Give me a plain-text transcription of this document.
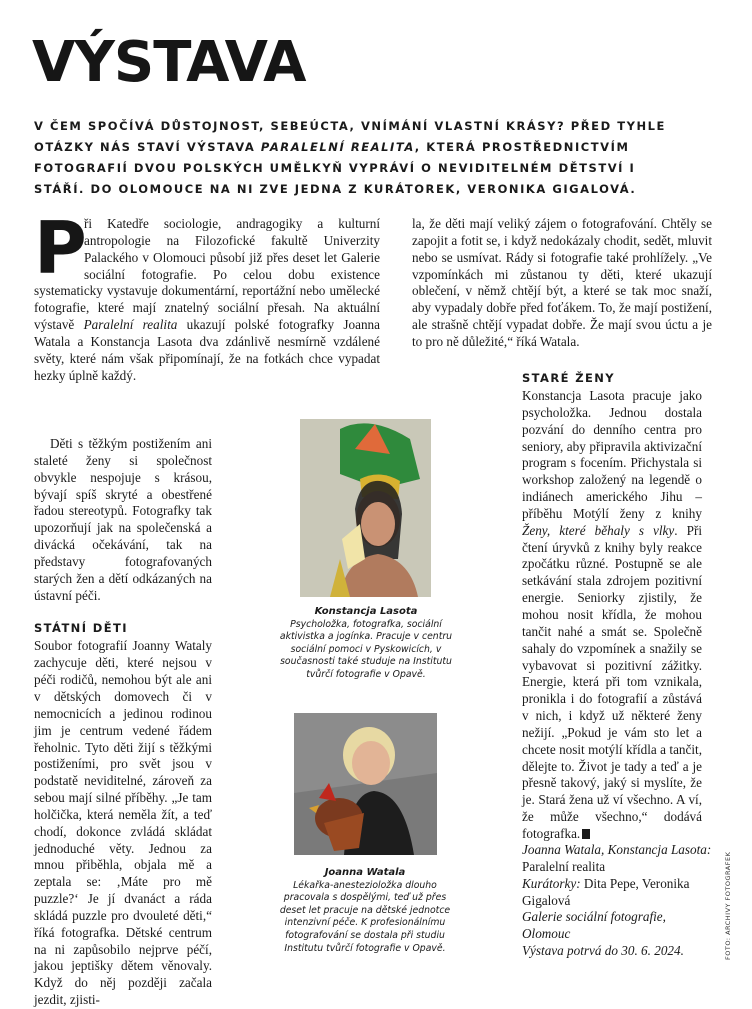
VÝSTAVA

V ČEM SPOČÍVÁ DŮSTOJNOST, SEBEÚCTA, VNÍMÁNÍ VLASTNÍ KRÁSY? PŘED TYHLE OTÁZKY NÁS STAVÍ VÝSTAVA PARALELNÍ REALITA, KTERÁ PROSTŘEDNICTVÍM FOTOGRAFIÍ DVOU POLSKÝCH UMĚLKYŇ VYPRÁVÍ O NEVIDITELNÉM DĚTSTVÍ I STÁŘÍ. DO OLOMOUCE NA NI ZVE JEDNA Z KURÁTOREK, VERONIKA GIGALOVÁ.

P

ři Katedře sociologie, andragogiky a kulturní antropologie na Filozofické fakultě Univerzity Palackého v Olomouci působí již přes deset let Galerie sociální fotografie. Po celou dobu existence systematicky vystavuje dokumentární, reportážní nebo umělecké fotografie, které mají znatelný sociální přesah. Na aktuální výstavě Paralelní realita ukazují polské fotografky Joanna Watala a Konstancja Lasota dva zdánlivě nesmírně vzdálené světy, které nám však připomínají, že na fotkách chce vypadat hezky úplně každý.

Děti s těžkým postižením ani staleté ženy si společnost obvykle nespojuje s krásou, bývají spíš skryté a obestřené řadou stereotypů. Fotografky tak upozorňují jak na společenská a divácká očekávání, tak na představy fotografovaných starých žen a dětí odkázaných na ústavní péči.

STÁTNÍ DĚTI

Soubor fotografií Joanny Wataly zachycuje děti, které nejsou v péči rodičů, nemohou být ale ani v dětských domovech či v nemocnicích a jedinou rodinou jim je centrum vedené řádem řeholnic. Tyto děti žijí s těžkými postiženími, pro svět jsou v podstatě neviditelné, zároveň za sebou mají silné příběhy. „Je tam holčička, která neměla žít, a teď chodí, dokonce zvládá skládat jednoduché věty. Jednou za mnou přiběhla, objala mě a zeptala se: ‚Máte pro mě puzzle?‘ Je jí dvanáct a ráda skládá puzzle pro dvouleté děti,“ říká fotografka. Dětské centrum na ni zapůsobilo nejprve péčí, jakou jeptišky dětem věnovaly. Když do něj později začala jezdit, zjisti-

la, že děti mají veliký zájem o fotografování. Chtěly se zapojit a fotit se, i když nedokázaly chodit, sedět, mluvit nebo se usmívat. Rády si fotografie také prohlížely. „Ve vzpomínkách mi zůstanou ty děti, které ukazují oblečení, v němž chtějí být, a které se tak moc snaží, aby vypadaly dobře před foťákem. To, že mají postižení, ale strašně chtějí vypadat dobře. Že mají svou úctu a je to pro ně důležité,“ říká Watala.

STARÉ ŽENY

Konstancja Lasota pracuje jako psycholožka. Jednou dostala pozvání do denního centra pro seniory, aby připravila aktivizační program s focením. Přichystala si workshop založený na legendě o indiánech amerického Jihu – příběhu Motýlí ženy z knihy Ženy, které běhaly s vlky. Při čtení úryvků z knihy byly reakce zpočátku různé. Postupně se ale setkávání stala zdrojem pozitivní energie. Seniorky zjistily, že mohou nosit křídla, že mohou tančit nahé a smát se. Společně sahaly do vzpomínek a snažily se vybavovat si pozitivní zážitky. Energie, která při tom vznikala, pronikla i do fotografií a zůstává v nich, i když už některé ženy nežijí. „Pokud je vám sto let a chcete nosit motýlí křídla a tančit, dělejte to. Život je tady a teď a je přesně takový, jaký si myslíte, že je. Stará žena už ví všechno. A ví, že může všechno,“ dodává fotografka.

Konstancja Lasota

Psycholožka, fotografka, sociální aktivistka a jogínka. Pracuje v centru sociální pomoci v Pyskowicích, v současnosti také studuje na Institutu tvůrčí fotografie v Opavě.

Joanna Watala

Lékařka-anestezioložka dlouho pracovala s dospělými, teď už přes deset let pracuje na dětské jednotce intenzivní péče. K profesionálnímu fotografování se dostala při studiu Institutu tvůrčí fotografie v Opavě.

Joanna Watala, Konstancja Lasota: Paralelní realita

Kurátorky: Dita Pepe, Veronika Gigalová

Galerie sociální fotografie, Olomouc

Výstava potrvá do 30. 6. 2024.	FOTO: ARCHIVY FOTOGRAFEK
